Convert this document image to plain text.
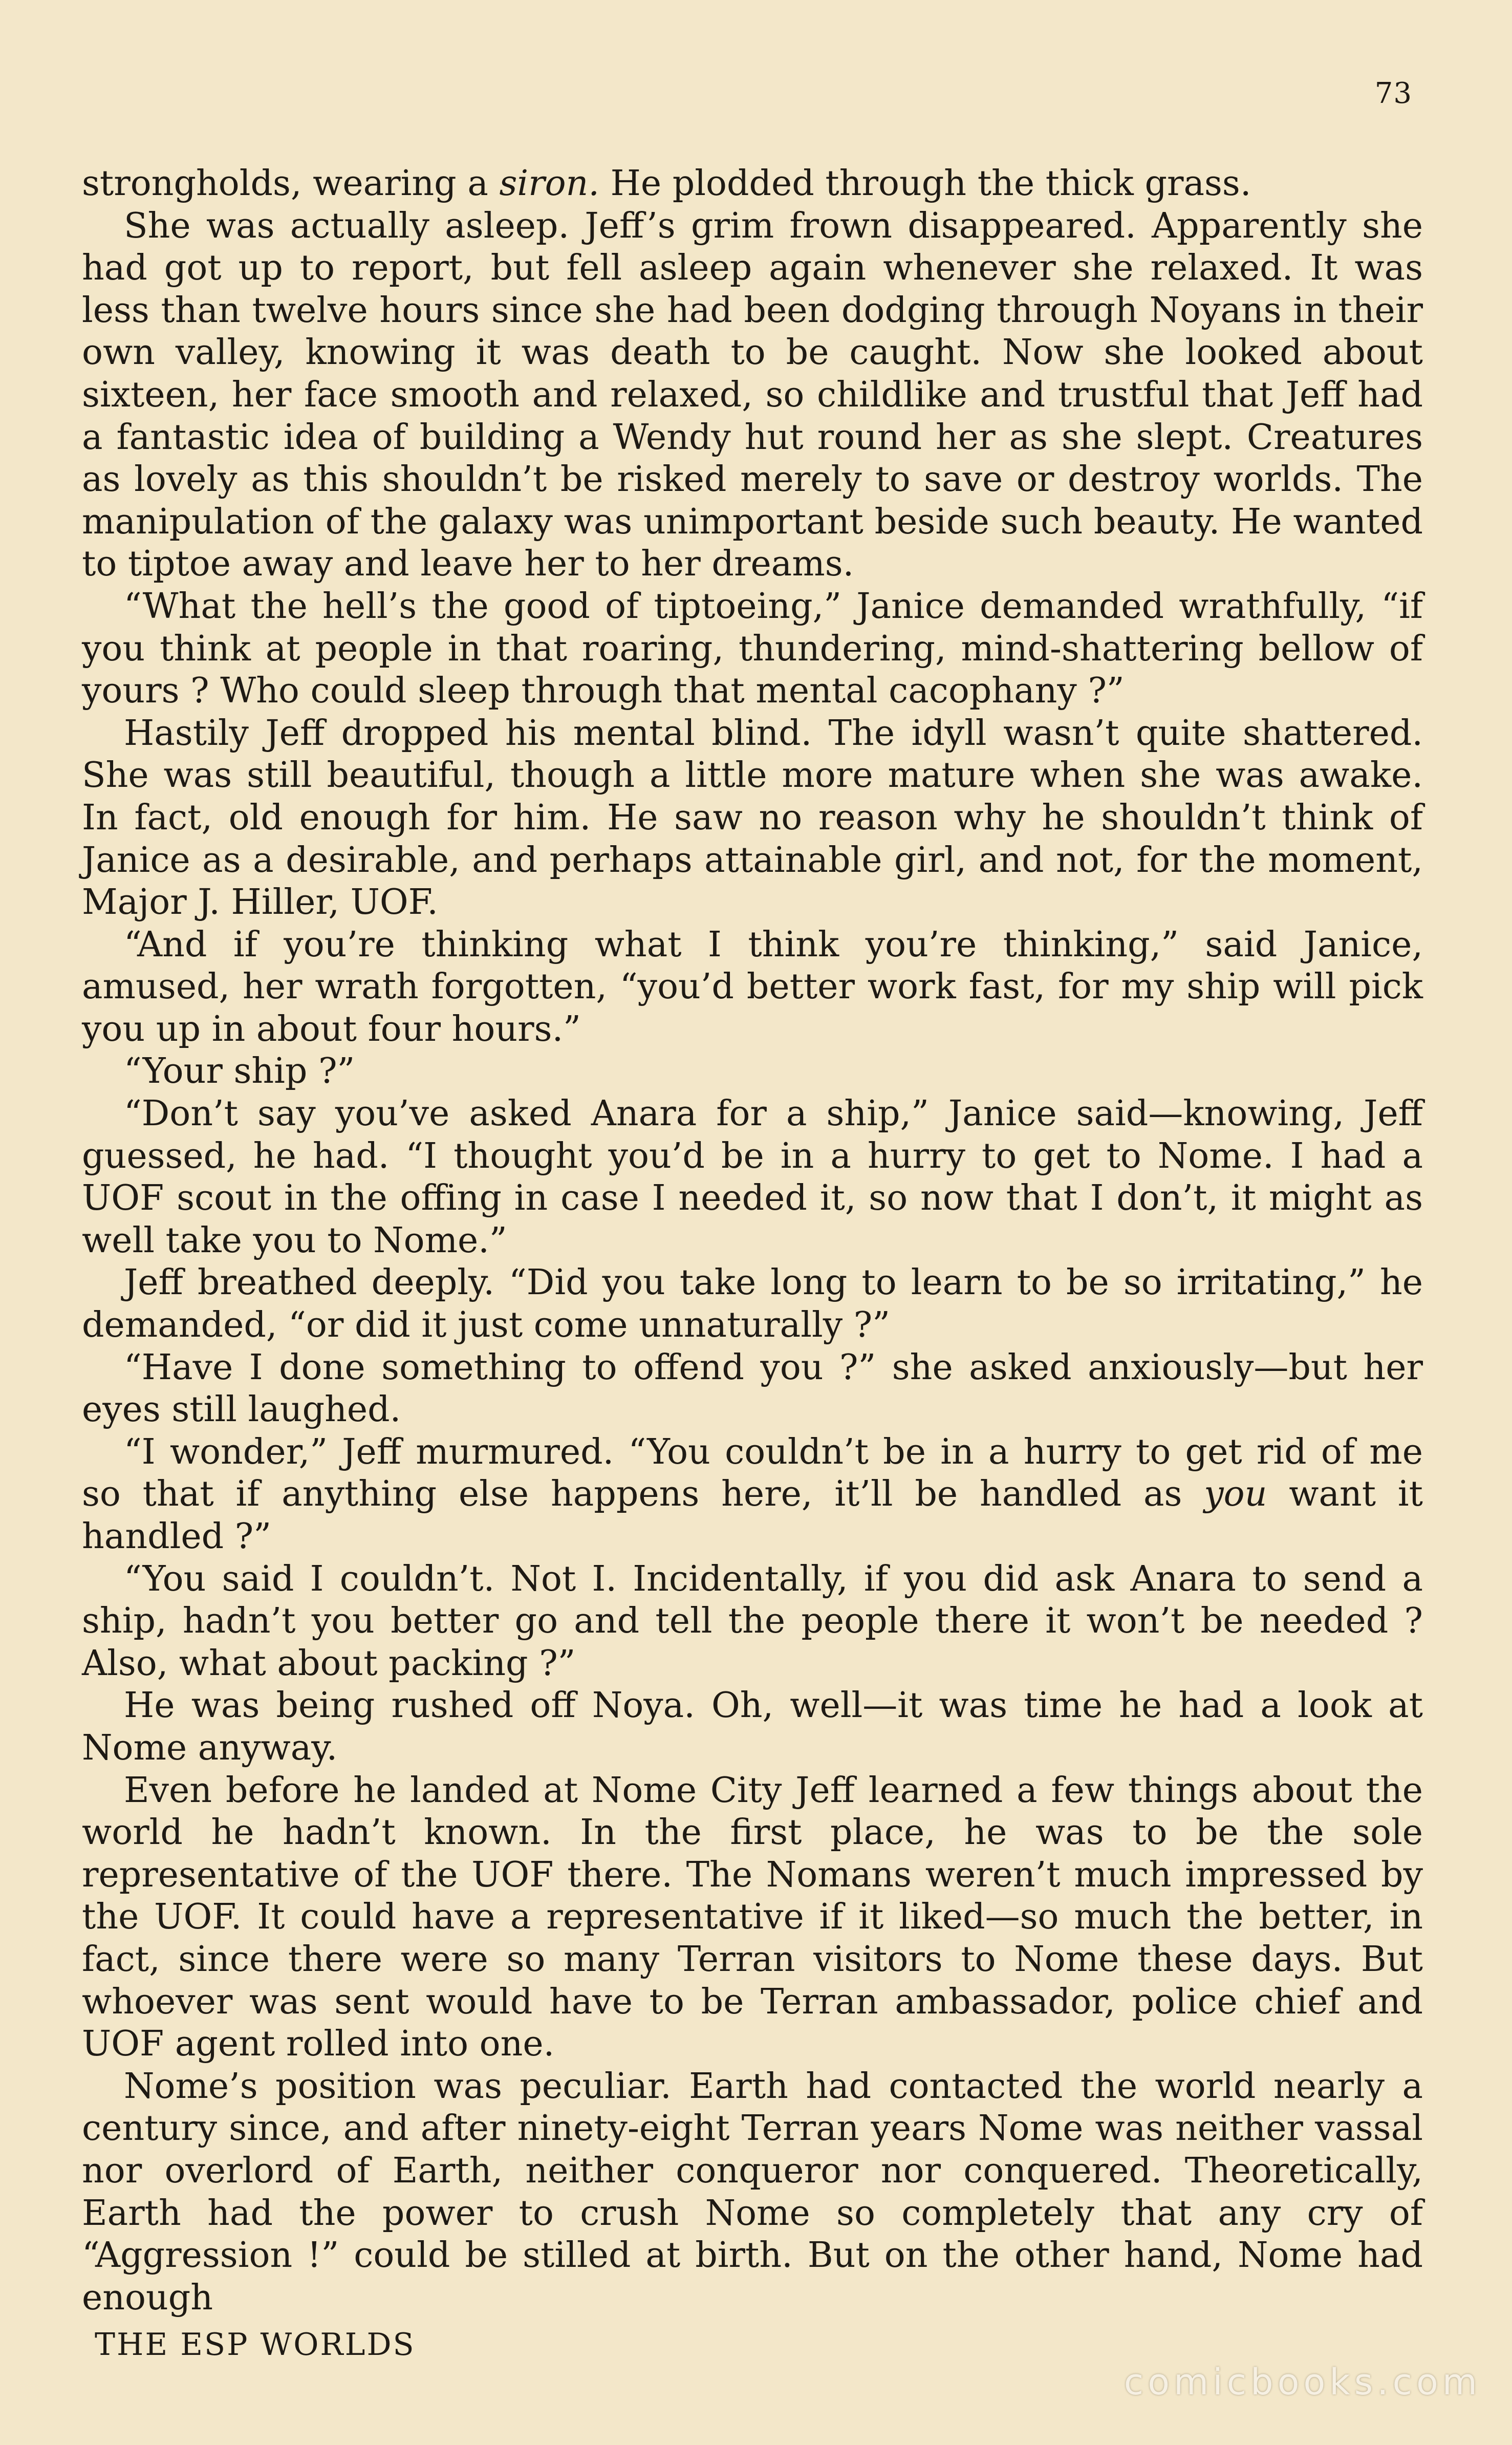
73

strongholds, wearing a siron. He plodded through the thick grass.

She was actually asleep. Jeff’s grim frown disappeared. Apparently she had got up to report, but fell asleep again whenever she relaxed. It was less than twelve hours since she had been dodging through Noyans in their own valley, knowing it was death to be caught. Now she looked about sixteen, her face smooth and relaxed, so childlike and trustful that Jeff had a fantastic idea of building a Wendy hut round her as she slept. Creatures as lovely as this shouldn’t be risked merely to save or destroy worlds. The manipulation of the galaxy was unimportant beside such beauty. He wanted to tiptoe away and leave her to her dreams.

“What the hell’s the good of tiptoeing,” Janice demanded wrathfully, “if you think at people in that roaring, thundering, mind-shattering bellow of yours ? Who could sleep through that mental cacophany ?”

Hastily Jeff dropped his mental blind. The idyll wasn’t quite shattered. She was still beautiful, though a little more mature when she was awake. In fact, old enough for him. He saw no reason why he shouldn’t think of Janice as a desirable, and perhaps attainable girl, and not, for the moment, Major J. Hiller, UOF.

“And if you’re thinking what I think you’re thinking,” said Janice, amused, her wrath forgotten, “you’d better work fast, for my ship will pick you up in about four hours.”

“Your ship ?”

“Don’t say you’ve asked Anara for a ship,” Janice said—knowing, Jeff guessed, he had. “I thought you’d be in a hurry to get to Nome. I had a UOF scout in the offing in case I needed it, so now that I don’t, it might as well take you to Nome.”

Jeff breathed deeply. “Did you take long to learn to be so irritating,” he demanded, “or did it just come unnaturally ?”

“Have I done something to offend you ?” she asked anxiously—but her eyes still laughed.

“I wonder,” Jeff murmured. “You couldn’t be in a hurry to get rid of me so that if anything else happens here, it’ll be handled as you want it handled ?”

“You said I couldn’t. Not I. Incidentally, if you did ask Anara to send a ship, hadn’t you better go and tell the people there it won’t be needed ? Also, what about packing ?”

He was being rushed off Noya. Oh, well—it was time he had a look at Nome anyway.

Even before he landed at Nome City Jeff learned a few things about the world he hadn’t known. In the first place, he was to be the sole representative of the UOF there. The Nomans weren’t much impressed by the UOF. It could have a representative if it liked—so much the better, in fact, since there were so many Terran visitors to Nome these days. But whoever was sent would have to be Terran ambassador, police chief and UOF agent rolled into one.

Nome’s position was peculiar. Earth had contacted the world nearly a century since, and after ninety-eight Terran years Nome was neither vassal nor overlord of Earth, neither conqueror nor conquered. Theoretically, Earth had the power to crush Nome so completely that any cry of “Aggression !” could be stilled at birth. But on the other hand, Nome had enough

THE ESP WORLDS
comicbooks.com
